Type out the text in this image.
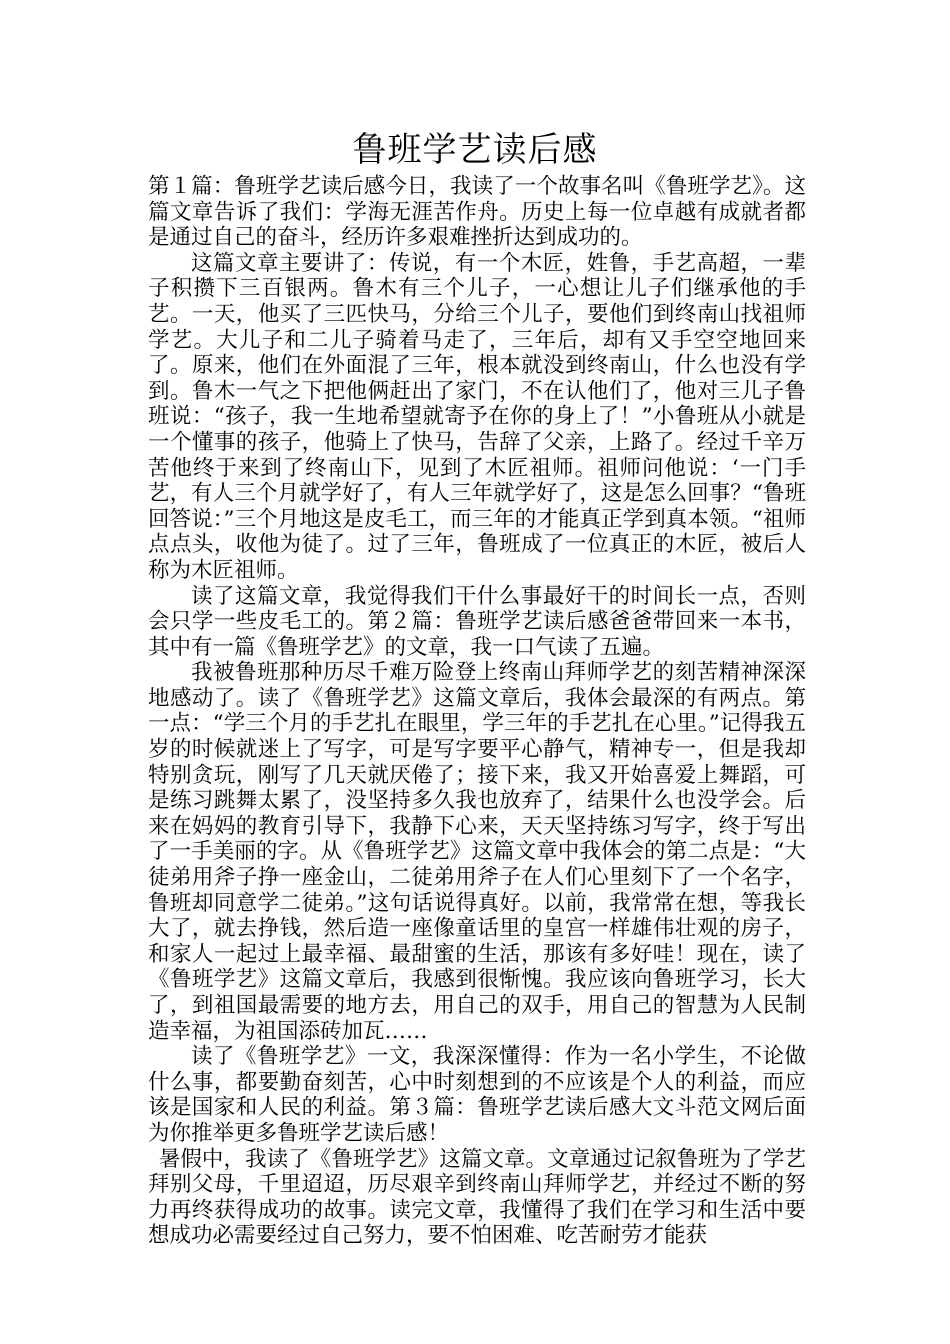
鲁班学艺读后感

第１篇：鲁班学艺读后感今日，我读了一个故事名叫《鲁班学艺》。这篇文章告诉了我们：学海无涯苦作舟。历史上每一位卓越有成就者都是通过自己的奋斗，经历许多艰难挫折达到成功的。

这篇文章主要讲了：传说，有一个木匠，姓鲁，手艺高超，一辈子积攒下三百银两。鲁木有三个儿子，一心想让儿子们继承他的手艺。一天，他买了三匹快马，分给三个儿子，要他们到终南山找祖师学艺。大儿子和二儿子骑着马走了，三年后，却有又手空空地回来了。原来，他们在外面混了三年，根本就没到终南山，什么也没有学到。鲁木一气之下把他俩赶出了家门，不在认他们了，他对三儿子鲁班说：“孩子，我一生地希望就寄予在你的身上了！”小鲁班从小就是一个懂事的孩子，他骑上了快马，告辞了父亲，上路了。经过千辛万苦他终于来到了终南山下，见到了木匠祖师。祖师问他说：‘一门手艺，有人三个月就学好了，有人三年就学好了，这是怎么回事？“鲁班回答说：”三个月地这是皮毛工，而三年的才能真正学到真本领。“祖师点点头，收他为徒了。过了三年，鲁班成了一位真正的木匠，被后人称为木匠祖师。

读了这篇文章，我觉得我们干什么事最好干的时间长一点，否则会只学一些皮毛工的。第２篇：鲁班学艺读后感爸爸带回来一本书，其中有一篇《鲁班学艺》的文章，我一口气读了五遍。

我被鲁班那种历尽千难万险登上终南山拜师学艺的刻苦精神深深地感动了。读了《鲁班学艺》这篇文章后，我体会最深的有两点。第一点：“学三个月的手艺扎在眼里，学三年的手艺扎在心里。”记得我五岁的时候就迷上了写字，可是写字要平心静气，精神专一，但是我却特别贪玩，刚写了几天就厌倦了；接下来，我又开始喜爱上舞蹈，可是练习跳舞太累了，没坚持多久我也放弃了，结果什么也没学会。后来在妈妈的教育引导下，我静下心来，天天坚持练习写字，终于写出了一手美丽的字。从《鲁班学艺》这篇文章中我体会的第二点是：“大徒弟用斧子挣一座金山，二徒弟用斧子在人们心里刻下了一个名字，鲁班却同意学二徒弟。”这句话说得真好。以前，我常常在想，等我长大了，就去挣钱，然后造一座像童话里的皇宫一样雄伟壮观的房子，和家人一起过上最幸福、最甜蜜的生活，那该有多好哇！现在，读了《鲁班学艺》这篇文章后，我感到很惭愧。我应该向鲁班学习，长大了，到祖国最需要的地方去，用自己的双手，用自己的智慧为人民制造幸福，为祖国添砖加瓦……

读了《鲁班学艺》一文，我深深懂得：作为一名小学生，不论做什么事，都要勤奋刻苦，心中时刻想到的不应该是个人的利益，而应该是国家和人民的利益。第３篇：鲁班学艺读后感大文斗范文网后面为你推举更多鲁班学艺读后感！

暑假中，我读了《鲁班学艺》这篇文章。文章通过记叙鲁班为了学艺拜别父母，千里迢迢，历尽艰辛到终南山拜师学艺，并经过不断的努力再终获得成功的故事。读完文章，我懂得了我们在学习和生活中要想成功必需要经过自己努力，要不怕困难、吃苦耐劳才能获
